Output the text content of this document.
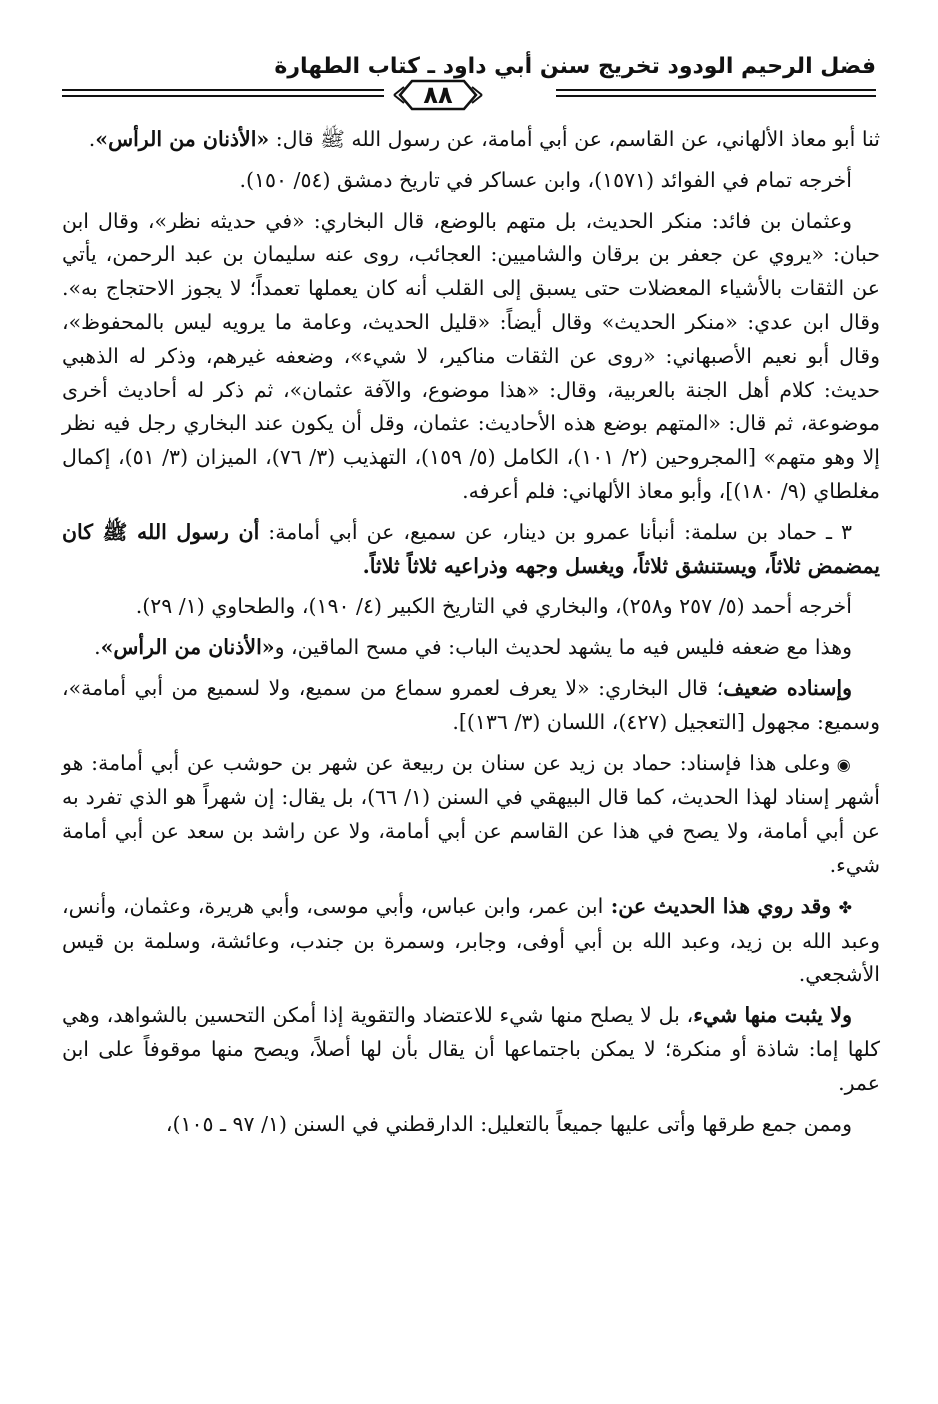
فضل الرحيم الودود تخريج سنن أبي داود ـ كتاب الطهارة
٨٨

ثنا أبو معاذ الألهاني، عن القاسم، عن أبي أمامة، عن رسول الله ﷺ قال: «الأذنان من الرأس».

أخرجه تمام في الفوائد (١٥٧١)، وابن عساكر في تاريخ دمشق (٥٤/ ١٥٠).

وعثمان بن فائد: منكر الحديث، بل متهم بالوضع، قال البخاري: «في حديثه نظر»، وقال ابن حبان: «يروي عن جعفر بن برقان والشاميين: العجائب، روى عنه سليمان بن عبد الرحمن، يأتي عن الثقات بالأشياء المعضلات حتى يسبق إلى القلب أنه كان يعملها تعمداً؛ لا يجوز الاحتجاج به». وقال ابن عدي: «منكر الحديث» وقال أيضاً: «قليل الحديث، وعامة ما يرويه ليس بالمحفوظ»، وقال أبو نعيم الأصبهاني: «روى عن الثقات مناكير، لا شيء»، وضعفه غيرهم، وذكر له الذهبي حديث: كلام أهل الجنة بالعربية، وقال: «هذا موضوع، والآفة عثمان»، ثم ذكر له أحاديث أخرى موضوعة، ثم قال: «المتهم بوضع هذه الأحاديث: عثمان، وقل أن يكون عند البخاري رجل فيه نظر إلا وهو متهم» [المجروحين (٢/ ١٠١)، الكامل (٥/ ١٥٩)، التهذيب (٣/ ٧٦)، الميزان (٣/ ٥١)، إكمال مغلطاي (٩/ ١٨٠)]، وأبو معاذ الألهاني: فلم أعرفه.

٣ ـ حماد بن سلمة: أنبأنا عمرو بن دينار، عن سميع، عن أبي أمامة: أن رسول الله ﷺ كان يمضمض ثلاثاً، ويستنشق ثلاثاً، ويغسل وجهه وذراعيه ثلاثاً ثلاثاً.

أخرجه أحمد (٥/ ٢٥٧ و٢٥٨)، والبخاري في التاريخ الكبير (٤/ ١٩٠)، والطحاوي (١/ ٢٩).

وهذا مع ضعفه فليس فيه ما يشهد لحديث الباب: في مسح الماقين، و«الأذنان من الرأس».

وإسناده ضعيف؛ قال البخاري: «لا يعرف لعمرو سماع من سميع، ولا لسميع من أبي أمامة»، وسميع: مجهول [التعجيل (٤٢٧)، اللسان (٣/ ١٣٦)].

◉ وعلى هذا فإسناد: حماد بن زيد عن سنان بن ربيعة عن شهر بن حوشب عن أبي أمامة: هو أشهر إسناد لهذا الحديث، كما قال البيهقي في السنن (١/ ٦٦)، بل يقال: إن شهراً هو الذي تفرد به عن أبي أمامة، ولا يصح في هذا عن القاسم عن أبي أمامة، ولا عن راشد بن سعد عن أبي أمامة شيء.

✤ وقد روي هذا الحديث عن: ابن عمر، وابن عباس، وأبي موسى، وأبي هريرة، وعثمان، وأنس، وعبد الله بن زيد، وعبد الله بن أبي أوفى، وجابر، وسمرة بن جندب، وعائشة، وسلمة بن قيس الأشجعي.

ولا يثبت منها شيء، بل لا يصلح منها شيء للاعتضاد والتقوية إذا أمكن التحسين بالشواهد، وهي كلها إما: شاذة أو منكرة؛ لا يمكن باجتماعها أن يقال بأن لها أصلاً، ويصح منها موقوفاً على ابن عمر.

وممن جمع طرقها وأتى عليها جميعاً بالتعليل: الدارقطني في السنن (١/ ٩٧ ـ ١٠٥)،
